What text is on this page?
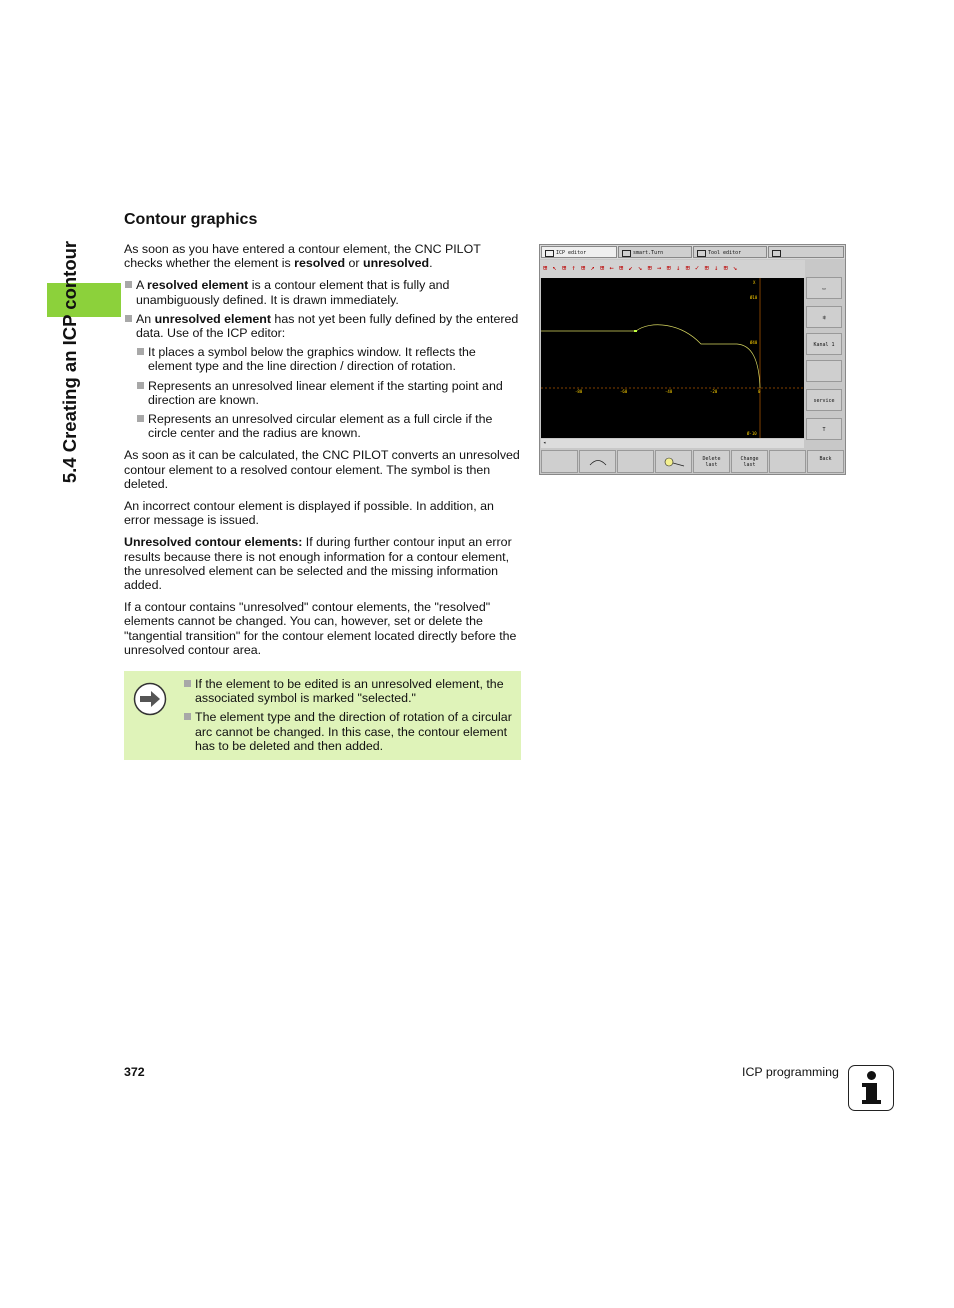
5.4 Creating an ICP contour
Contour graphics

As soon as you have entered a contour element, the CNC PILOT checks whether the element is resolved or unresolved.

A resolved element is a contour element that is fully and unambiguously defined. It is drawn immediately.
An unresolved element has not yet been fully defined by the entered data. Use of the ICP editor:
It places a symbol below the graphics window. It reflects the element type and the line direction / direction of rotation.
Represents an unresolved linear element if the starting point and direction are known.
Represents an unresolved circular element as a full circle if the circle center and the radius are known.

As soon as it can be calculated, the CNC PILOT converts an unresolved contour element to a resolved contour element. The symbol is then deleted.

An incorrect contour element is displayed if possible. In addition, an error message is issued.

Unresolved contour elements: If during further contour input an error results because there is not enough information for a contour element, the unresolved element can be selected and the missing information added.

If a contour contains "unresolved" contour elements, the "resolved" elements cannot be changed. You can, however, set or delete the "tangential transition" for the contour element located directly before the unresolved contour area.

If the element to be edited is an unresolved element, the associated symbol is marked "selected."
The element type and the direction of rotation of a circular arc cannot be changed. In this case, the contour element has to be deleted and then added.
ICP editor	smart.Turn	Tool editor
⊞ ↖ ⊞ ↑ ⊞ ↗ ⊞ ← ⊞ ↙ ↘ ⊞ → ⊞ ↓ ⊞ ✓ ⊞ ↓ ⊞ ↘
X
Ø10
Ø40
Ø-10
-80	-60	-40	-20	0
◂
▭
⇶
Kanal 1
service
T
Delete
last
Change
last
Back
372	ICP programming
